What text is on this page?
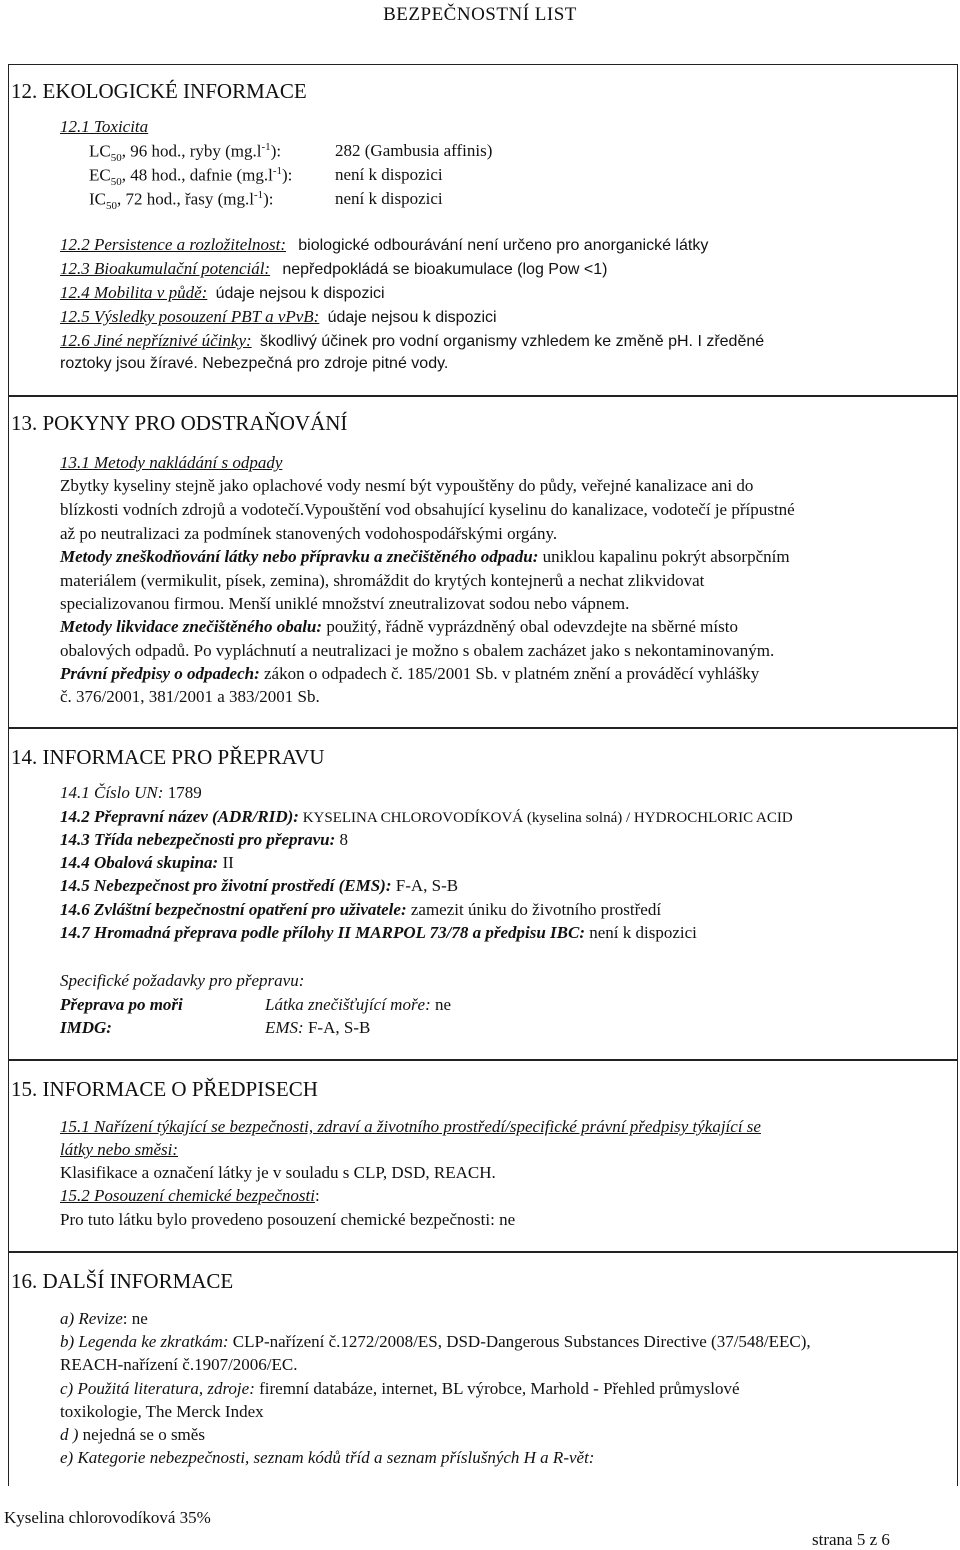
BEZPEČNOSTNÍ LIST
12. EKOLOGICKÉ INFORMACE
12.1 Toxicita
$LC_{50}$, 96 hod., ryby $(mg.l^{-1})$:	282 (Gambusia affinis)
$EC_{50}$, 48 hod., dafnie $(mg.l^{-1})$:	není k dispozici
$IC_{50}$, 72 hod., řasy $(mg.l^{-1})$:	není k dispozici
12.2 Persistence a rozložitelnost: biologické odbourávání není určeno pro anorganické látky
12.3 Bioakumulační potenciál: nepředpokládá se bioakumulace (log Pow <1)
12.4 Mobilita v půdě: údaje nejsou k dispozici
12.5 Výsledky posouzení PBT a vPvB: údaje nejsou k dispozici
12.6 Jiné nepříznivé účinky: škodlivý účinek pro vodní organismy vzhledem ke změně pH. I zředěné
roztoky jsou žíravé. Nebezpečná pro zdroje pitné vody.
13. POKYNY PRO ODSTRAŇOVÁNÍ
13.1 Metody nakládání s odpady
Zbytky kyseliny stejně jako oplachové vody nesmí být vypouštěny do půdy, veřejné kanalizace ani do
blízkosti vodních zdrojů a vodotečí.Vypouštění vod obsahující kyselinu do kanalizace, vodotečí je přípustné
až po neutralizaci za podmínek stanovených vodohospodářskými orgány.
Metody zneškodňování látky nebo přípravku a znečištěného odpadu: uniklou kapalinu pokrýt absorpčním
materiálem (vermikulit, písek, zemina), shromáždit do krytých kontejnerů a nechat zlikvidovat
specializovanou firmou. Menší uniklé množství zneutralizovat sodou nebo vápnem.
Metody likvidace znečištěného obalu: použitý, řádně vyprázdněný obal odevzdejte na sběrné místo
obalových odpadů. Po vypláchnutí a neutralizaci je možno s obalem zacházet jako s nekontaminovaným.
Právní předpisy o odpadech: zákon o odpadech č. 185/2001 Sb. v platném znění a prováděcí vyhlášky
č. 376/2001, 381/2001 a 383/2001 Sb.
14. INFORMACE PRO PŘEPRAVU
14.1 Číslo UN: 1789
14.2 Přepravní název (ADR/RID): KYSELINA CHLOROVODÍKOVÁ (kyselina solná) / HYDROCHLORIC ACID
14.3 Třída nebezpečnosti pro přepravu: 8
14.4 Obalová skupina: II
14.5 Nebezpečnost pro životní prostředí (EMS): F-A, S-B
14.6 Zvláštní bezpečnostní opatření pro uživatele: zamezit úniku do životního prostředí
14.7 Hromadná přeprava podle přílohy II MARPOL 73/78 a předpisu IBC: není k dispozici
Specifické požadavky pro přepravu:
Přeprava po moři	Látka znečišťující moře: ne
IMDG:	EMS: F-A, S-B
15. INFORMACE O PŘEDPISECH
15.1 Nařízení týkající se bezpečnosti, zdraví a životního prostředí/specifické právní předpisy týkající se
látky nebo směsi:
Klasifikace a označení látky je v souladu s CLP, DSD, REACH.
15.2 Posouzení chemické bezpečnosti:
Pro tuto látku bylo provedeno posouzení chemické bezpečnosti: ne
16. DALŠÍ INFORMACE
a) Revize: ne
b) Legenda ke zkratkám: CLP-nařízení č.1272/2008/ES, DSD-Dangerous Substances Directive (37/548/EEC),
REACH-nařízení č.1907/2006/EC.
c) Použitá literatura, zdroje: firemní databáze, internet, BL výrobce, Marhold - Přehled průmyslové
toxikologie, The Merck Index
d ) nejedná se o směs
e) Kategorie nebezpečnosti, seznam kódů tříd a seznam příslušných H a R-vět:
Kyselina chlorovodíková 35%
strana 5 z 6
